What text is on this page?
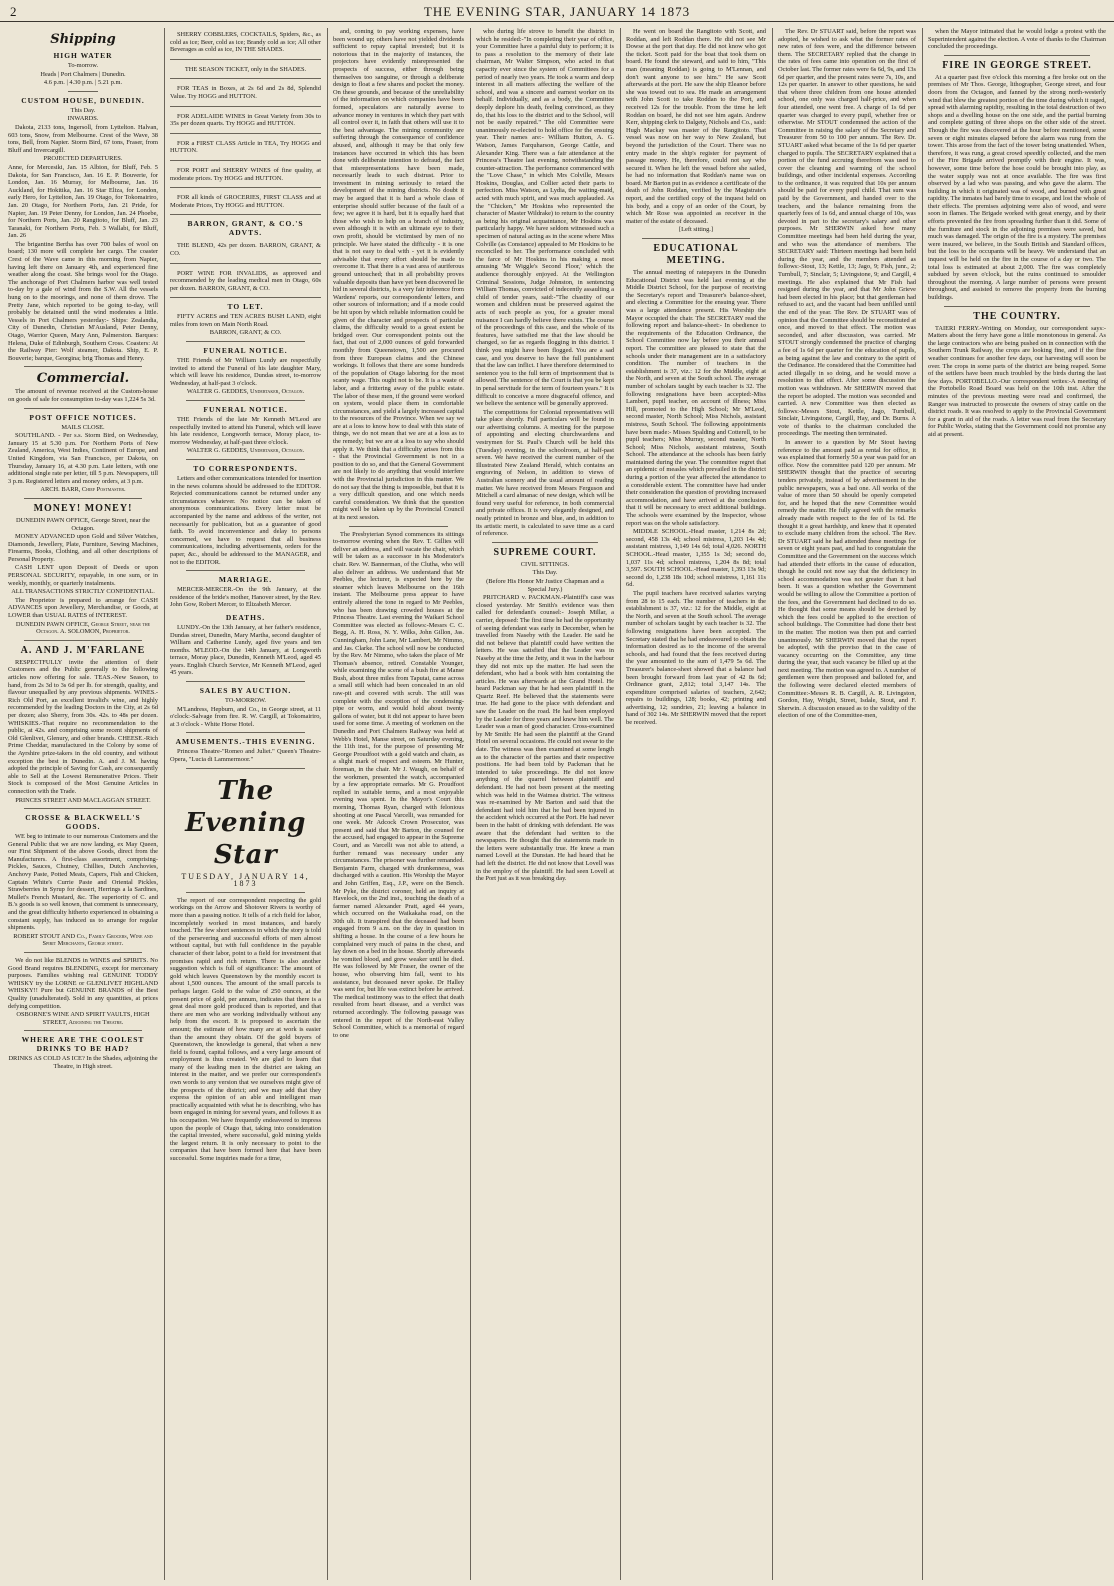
2	THE EVENING STAR, JANUARY 14 1873
Shipping
HIGH WATER

To-morrow.

Heads | Port Chalmers | Dunedin.

4.6 p.m. | 4.30 p.m. | 5.21 p.m.

CUSTOM HOUSE, DUNEDIN.

This Day.

INWARDS.

Dakota, 2133 tons, Ingersoll, from Lyttelton. Halvan, 603 tons, Snow, from Melbourne. Crest of the Wave, 38 tons, Bell, from Napier. Storm Bird, 67 tons, Fraser, from Bluff and Invercargill.

PROJECTED DEPARTURES.

Anne, for Mercesiki, Jan. 15 Albion, for Bluff, Feb. 5 Dakota, for San Francisco, Jan. 16 E. P. Bouverie, for London, Jan. 16 Murray, for Melbourne, Jan. 16 Auckland, for Hokitika, Jan. 16 Star Eliza, for London, early Hero, for Lyttelton, Jan. 19 Otago, for Tokomairiro, Jan. 20 Otago, for Northern Ports, Jan. 21 Pride, for Napier, Jan. 19 Peter Denny, for London, Jan. 24 Phoebe, for Northern Ports, Jan. 20 Rangitoto, for Bluff, Jan. 23 Taranaki, for Northern Ports, Feb. 3 Wallabi, for Bluff, Jan. 26

The brigantine Bertha has over 700 bales of wool on board; 130 more will complete her cargo. The coaster Crest of the Wave came in this morning from Napier, having left there on January 4th, and experienced fine weather along the coast. She brings wool for the Otago. The anchorage of Port Chalmers harbor was well tested to-day by a gale of wind from the S.W. All the vessels hung on to the moorings, and none of them drove. The Pretty Jane, which reported to be going to-day, will probably be detained until the wind moderates a little. Vessels in Port Chalmers yesterday:- Ships: Zealandia, City of Dunedin, Christian M'Ausland, Peter Denny, Otago, Warrior Queen, Mary Ann, Palmerston. Barques: Helena, Duke of Edinburgh, Southern Cross. Coasters: At the Railway Pier: Wolf steamer, Dakota. Ship, E. P. Bouverie; barque, Georgina; brig Thomas and Henry.

Commercial.

The amount of revenue received at the Custom-house on goods of sale for consumption to-day was 1,224 5s 3d.

POST OFFICE NOTICES.

MAILS CLOSE.

SOUTHLAND. - Per s.s. Storm Bird, on Wednesday, January 15 at 5.30 p.m. For Northern Ports of New Zealand, America, West Indies, Continent of Europe, and United Kingdom, via San Francisco, per Dakota, on Thursday, January 16, at 4.30 p.m. Late letters, with one additional single rate per letter, till 5 p.m. Newspapers, till 3 p.m. Registered letters and money orders, at 3 p.m.

ARCH. BARR, Chief Postmaster.

MONEY! MONEY!

DUNEDIN PAWN OFFICE, George Street, near the Octagon.

MONEY ADVANCED upon Gold and Silver Watches, Diamonds, Jewellery, Plate, Furniture, Sewing Machines, Firearms, Books, Clothing, and all other descriptions of Personal Property.

CASH LENT upon Deposit of Deeds or upon PERSONAL SECURITY, repayable, in one sum, or in weekly, monthly, or quarterly instalments.

ALL TRANSACTIONS STRICTLY CONFIDENTIAL.

The Proprietor is prepared to arrange for CASH ADVANCES upon Jewellery, Merchandise, or Goods, at LOWER than USUAL RATES of INTEREST.

DUNEDIN PAWN OFFICE, George Street, near the Octagon. A. SOLOMON, Proprietor.

A. AND J. M'FARLANE

RESPECTFULLY invite the attention of their Customers and the Public generally to the following articles now offering for sale. TEAS.-New Season, to hand, from 2s 3d to 3s 6d per lb. for strength, quality, and flavour unequalled by any previous shipments. WINES.-Rich Old Port, an excellent invalid's wine, and highly recommended by the leading Doctors in the City, at 2s 6d per dozen; also Sherry, from 30s. 42s. to 48s per dozen. WHISKIES.-That require no recommendation to the public, at 42s. and comprising some recent shipments of Old Glenlivet, Glenury, and other brands. CHEESE.-Rich Prime Cheddar, manufactured in the Colony by some of the Ayrshire prize-takers in the old country, and without exception the best in Dunedin. A. and J. M. having adopted the principle of Saving for Cash, are consequently able to Sell at the Lowest Remunerative Prices. Their Stock is composed of the Most Genuine Articles in connection with the Trade.

PRINCES STREET AND MACLAGGAN STREET.

CROSSE & BLACKWELL'S GOODS.

WE beg to intimate to our numerous Customers and the General Public that we are now landing, ex May Queen, our First Shipment of the above Goods, direct from the Manufacturers. A first-class assortment, comprising- Pickles, Sauces, Chutney, Chillies, Dutch Anchovies, Anchovy Paste, Potted Meats, Capers, Fish and Chicken, Captain White's Currie Paste and Oriental Pickles, Strawberries in Syrup for dessert, Herrings a la Sardines, Mullet's French Mustard, &c. The superiority of C. and B.'s goods is so well known, that comment is unnecessary, and the great difficulty hitherto experienced in obtaining a constant supply, has induced us to arrange for regular shipments.

ROBERT STOUT AND Co., Family Grocers, Wine and Spirit Merchants, George street.

We do not like BLENDS in WINES and SPIRITS. No Good Brand requires BLENDING, except for mercenary purposes. Families wishing real GENUINE TODDY WHISKY try the LORNE or GLENLIVET HIGHLAND WHISKY!! Pure but GENUINE BRANDS of the Best Quality (unadulterated). Sold in any quantities, at prices defying competition.

OSBORNE'S WINE AND SPIRIT VAULTS, HIGH STREET, Adjoining the Theatre.

WHERE ARE THE COOLEST DRINKS TO BE HAD?

DRINKS AS COLD AS ICE? In the Shades, adjoining the Theatre, in High street.

SHERRY COBBLERS, COCKTAILS, Spiders, &c., as cold as ice; Beer, cold as ice; Brandy cold as ice; All other Beverages as cold as ice, IN THE SHADES.

THE SEASON TICKET, only in the SHADES.

FOR TEAS in Boxes, at 2s 6d and 2s 8d, Splendid Value. Try HOGG and HUTTON.

FOR ADELAIDE WINES in Great Variety from 30s to 35s per dozen quarts. Try HOGG and HUTTON.

FOR a FIRST CLASS Article in TEA, Try HOGG and HUTTON.

FOR PORT and SHERRY WINES of fine quality, at moderate prices. Try HOGG and HUTTON.

FOR all kinds of GROCERIES, FIRST CLASS and at Moderate Prices, Try HOGG and HUTTON.

BARRON, GRANT, & CO.'S ADVTS.

THE BLEND, 42s per dozen. BARRON, GRANT, & CO.

PORT WINE FOR INVALIDS, as approved and recommended by the leading medical men in Otago, 60s per dozen. BARRON, GRANT, & CO.

TO LET.

FIFTY ACRES and TEN ACRES BUSH LAND, eight miles from town on Main North Road.

BARRON, GRANT, & CO.

FUNERAL NOTICE.

THE Friends of Mr William Lundy are respectfully invited to attend the Funeral of his late daughter Mary, which will leave his residence, Dundas street, to-morrow Wednesday, at half-past 3 o'clock.

WALTER G. GEDDES, Undertaker, Octagon.

FUNERAL NOTICE.

THE Friends of the late Mr Kenneth M'Leod are respectfully invited to attend his Funeral, which will leave his late residence, Longworth terrace, Moray place, to-morrow Wednesday, at half-past three o'clock.

WALTER G. GEDDES, Undertaker, Octagon.

TO CORRESPONDENTS.

Letters and other communications intended for insertion in the news columns should be addressed to the EDITOR. Rejected communications cannot be returned under any circumstances whatever. No notice can be taken of anonymous communications. Every letter must be accompanied by the name and address of the writer, not necessarily for publication, but as a guarantee of good faith. To avoid inconvenience and delay to persons concerned, we have to request that all business communications, including advertisements, orders for the paper, &c., should be addressed to the MANAGER, and not to the EDITOR.

MARRIAGE.

MERCER-MERCER.-On the 9th January, at the residence of the bride's mother, Hanover street, by the Rev. John Gow, Robert Mercer, to Elizabeth Mercer.

DEATHS.

LUNDY.-On the 13th January, at her father's residence, Dundas street, Dunedin, Mary Martha, second daughter of William and Catherine Lundy, aged five years and ten months. M'LEOD.-On the 14th January, at Longworth terrace, Moray place, Dunedin, Kenneth M'Leod, aged 45 years. English Church Service, Mr Kenneth M'Leod, aged 45 years.

SALES BY AUCTION.

TO-MORROW.

M'Landress, Hepburn, and Co., in George street, at 11 o'clock:-Salvage from fire. R. W. Cargill, at Tokomairiro, at 3 o'clock - White Horse Hotel.

AMUSEMENTS.-THIS EVENING.

Princess Theatre-"Romeo and Juliet." Queen's Theatre-Opera, "Lucia di Lammermoor."

The Evening Star
TUESDAY, JANUARY 14, 1873

The report of our correspondent respecting the gold workings on the Arrow and Shotover Rivers is worthy of more than a passing notice. It tells of a rich field for labor, incompletely worked in most instances, and barely touched. The few short sentences in which the story is told of the persevering and successful efforts of men almost without capital, but with full confidence in the payable character of their labor, point to a field for investment that promises rapid and rich return. There is also another suggestion which is full of significance: The amount of gold which leaves Queenstown by the monthly escort is about 1,500 ounces. The amount of the small parcels is perhaps larger. Gold to the value of 250 ounces, at the present price of gold, per annum, indicates that there is a great deal more gold produced than is reported, and that there are men who are working individually without any help from the escort. It is proposed to ascertain the amount; the estimate of how many are at work is easier than the amount they obtain. Of the gold buyers of Queenstown, the knowledge is general, that when a new field is found, capital follows, and a very large amount of employment is thus created. We are glad to learn that many of the leading men in the district are taking an interest in the matter, and we prefer our correspondent's own words to any version that we ourselves might give of the prospects of the district; and we may add that they express the opinion of an able and intelligent man practically acquainted with what he is describing, who has been engaged in mining for several years, and follows it as his occupation. We have frequently endeavored to impress upon the people of Otago that, taking into consideration the capital invested, where successful, gold mining yields the largest return. It is only necessary to point to the companies that have been formed here that have been successful. Some inquiries made for a time,

and, coming to pay working expenses, have been wound up; others have not yielded dividends sufficient to repay capital invested; but it is notorious that in the majority of instances, the projectors have evidently misrepresented the prospects of success, either through being themselves too sanguine, or through a deliberate design to float a few shares and pocket the money. On these grounds, and because of the unreliability of the information on which companies have been formed, speculators are naturally averse to advance money in ventures in which they part with all control over it, in faith that others will use it to the best advantage. The mining community are suffering through the consequence of confidence abused, and, although it may be that only few instances have occurred in which this has been done with deliberate intention to defraud, the fact that misrepresentations have been made, necessarily leads to such distrust. Prior to investment in mining seriously to retard the development of the mining districts. No doubt it may be argued that it is hard a whole class of enterprise should suffer because of the fault of a few; we agree it is hard, but it is equally hard that those who wish to help on a branch of industry, even although it is with an ultimate eye to their own profit, should be victimised by men of no principle. We have stated the difficulty - it is one that is not easy to deal with - yet it is evidently advisable that every effort should be made to overcome it. That there is a vast area of auriferous ground untouched; that in all probability proves valuable deposits than have yet been discovered lie hid in several districts, is a very fair inference from Wardens' reports, our correspondents' letters, and other sources of information; and if a mode could be hit upon by which reliable information could be given of the character and prospects of particular claims, the difficulty would to a great extent be bridged over. Our correspondent points out the fact, that out of 2,000 ounces of gold forwarded monthly from Queenstown, 1,500 are procured from three European claims and the Chinese workings. It follows that there are some hundreds of the population of Otago laboring for the most scanty wage. This ought not to be. It is a waste of labor, and a frittering away of the public estate. The labor of these men, if the ground were worked on system, would place them in comfortable circumstances, and yield a largely increased capital to the resources of the Province. When we say we are at a loss to know how to deal with this state of things, we do not mean that we are at a loss as to the remedy; but we are at a loss to say who should apply it. We think that a difficulty arises from this - that the Provincial Government is not in a position to do so, and that the General Government are not likely to do anything that would interfere with the Provincial jurisdiction in this matter. We do not say that the thing is impossible, but that it is a very difficult question, and one which needs careful consideration. We think that the question might well be taken up by the Provincial Council at its next session.

The Presbyterian Synod commences its sittings to-morrow evening when the Rev. T. Gillies will deliver an address, and will vacate the chair, which will be taken as a successor in his Moderator's chair. Rev. W. Bannerman, of the Clutha, who will also deliver an address. We understand that Mr Peebles, the lecturer, is expected here by the steamer which leaves Melbourne on the 16th instant. The Melbourne press appear to have entirely altered the tone in regard to Mr Peebles, who has been drawing crowded houses at the Princess Theatre. Last evening the Waikari School Committee was elected as follows:-Messrs C. C. Begg, A. H. Ross, N. Y. Wilks, John Gillon, Jas. Cunningham, John Lane, Mr Lambert, Mr Nimmo, and Jas. Clarke. The school will now be conducted by the Rev. Mr Nimmo, who takes the place of Mr Thomas's absence, retired. Constable Younger, while examining the scene of a bush fire at Manse Bush, about three miles from Taputai, came across a small still which had been concealed in an old raw-pit and covered with scrub. The still was complete with the exception of the condensing-pipe or worm, and would hold about twenty gallons of water, but it did not appear to have been used for some time. A meeting of workmen on the Dunedin and Port Chalmers Railway was held at Webb's Hotel, Manse street, on Saturday evening, the 11th inst., for the purpose of presenting Mr George Proudfoot with a gold watch and chain, as a slight mark of respect and esteem. Mr Hunter, foreman, in the chair. Mr J. Waugh, on behalf of the workmen, presented the watch, accompanied by a few appropriate remarks. Mr G. Proudfoot replied in suitable terms, and a most enjoyable evening was spent. In the Mayor's Court this morning, Thomas Ryan, charged with felonious shooting at one Pascal Varcelli, was remanded for one week. Mr Adcock Crown Prosecutor, was present and said that Mr Barton, the counsel for the accused, had engaged to appear in the Supreme Court, and as Varcelli was not able to attend, a further remand was necessary under any circumstances. The prisoner was further remanded. Benjamin Farm, charged with drunkenness, was discharged with a caution. His Worship the Mayor and John Griffen, Esq., J.P., were on the Bench. Mr Pyke, the district coroner, held an inquiry at Havelock, on the 2nd inst., touching the death of a farmer named Alexander Pratt, aged 44 years, which occurred on the Waikakaha road, on the 30th ult. It transpired that the deceased had been engaged from 9 a.m. on the day in question in shifting a house. In the course of a few hours he complained very much of pains in the chest, and lay down on a bed in the house. Shortly afterwards he vomited blood, and grew weaker until he died. He was followed by Mr Fraser, the owner of the house, who observing him fall, went to his assistance, but deceased never spoke. Dr Halley was sent for, but life was extinct before he arrived. The medical testimony was to the effect that death resulted from heart disease, and a verdict was returned accordingly. The following passage was entered in the report of the North-east Valley School Committee, which is a memorial of regard to one

who during life strove to benefit the district in which he resided:-"In completing their year of office, your Committee have a painful duty to perform; it is to pass a resolution to the memory of their late chairman, Mr Walter Simpson, who acted in that capacity ever since the system of Committees for a period of nearly two years. He took a warm and deep interest in all matters affecting the welfare of the school, and was a sincere and earnest worker on its behalf. Individually, and as a body, the Committee deeply deplore his death, feeling convinced, as they do, that his loss to the district and to the School, will not be easily repaired." The old Committee were unanimously re-elected to hold office for the ensuing year. Their names are:- William Hutton, A. G. Watson, James Farquharson, George Cattle, and Alexander King. There was a fair attendance at the Princess's Theatre last evening, notwithstanding the counter-attraction. The performance commenced with the "Love Chase," in which Mrs Colville, Messrs Hoskins, Douglas, and Collier acted their parts to perfection. Miss Watson, as Lydia, the waiting-maid, acted with much spirit, and was much applauded. As the "Chicken," Mr Hoskins who represented the character of Master Wildrake) to return to the country as being his original acquaintance, Mr Hoskins was particularly happy. We have seldom witnessed such a specimen of natural acting as in the scene where Miss Colville (as Constance) appealed to Mr Hoskins to be reconciled to her. The performance concluded with the farce of Mr Hoskins in his making a most amusing 'Mr Wiggle's Second Floor,' which the audience thoroughly enjoyed. At the Wellington Criminal Sessions, Judge Johnston, in sentencing William Thomas, convicted of indecently assaulting a child of tender years, said:-"The chastity of our women and children must be preserved against the acts of such people as you, for a greater moral nuisance I can hardly believe there exists. The course of the proceedings of this case, and the whole of its features, have satisfied me that the law should be changed, so far as regards flogging in this district. I think you might have been flogged. You are a sad case, and you deserve to have the full punishment that the law can inflict. I have therefore determined to sentence you to the full term of imprisonment that is allowed. The sentence of the Court is that you be kept in penal servitude for the term of fourteen years." It is difficult to conceive a more disgraceful offence, and we believe the sentence will be generally approved.

The competitions for Colonial representatives will take place shortly. Full particulars will be found in our advertising columns. A meeting for the purpose of appointing and electing churchwardens and vestrymen for St. Paul's Church will be held this (Tuesday) evening, in the schoolroom, at half-past seven. We have received the current number of the Illustrated New Zealand Herald, which contains an engraving of Nelson, in addition to views of Australian scenery and the usual amount of reading matter. We have received from Messrs Ferguson and Mitchell a card almanac of new design, which will be found very useful for reference, in both commercial and private offices. It is very elegantly designed, and neatly printed in bronze and blue, and, in addition to its artistic merit, is calculated to save time as a card of reference.

SUPREME COURT.

CIVIL SITTINGS.

This Day.

(Before His Honor Mr Justice Chapman and a Special Jury.)

PRITCHARD v. PACKMAN.-Plaintiff's case was closed yesterday. Mr Smith's evidence was then called for defendant's counsel:- Joseph Millar, a carrier, deposed: The first time he had the opportunity of seeing defendant was early in December, when he travelled from Naseby with the Leader. He said he did not believe that plaintiff could have written the letters. He was satisfied that the Leader was in Naseby at the time the Jetty, and it was in the harbour they did not mix up the matter. He had seen the defendant, who had a book with him containing the articles. He was afterwards at the Grand Hotel. He heard Packman say that he had seen plaintiff in the Quartz Reef. He believed that the statements were true. He had gone to the place with defendant and saw the Leader on the road. He had been employed by the Leader for three years and knew him well. The Leader was a man of good character. Cross-examined by Mr Smith: He had seen the plaintiff at the Grand Hotel on several occasions. He could not swear to the date. The witness was then examined at some length as to the character of the parties and their respective positions. He had been told by Packman that he intended to take proceedings. He did not know anything of the quarrel between plaintiff and defendant. He had not been present at the meeting which was held in the Waimea district. The witness was re-examined by Mr Barton and said that the defendant had told him that he had been injured in the accident which occurred at the Port. He had never been in the habit of drinking with defendant. He was aware that the defendant had written to the newspapers. He thought that the statements made in the letters were substantially true. He knew a man named Lovell at the Dunstan. He had heard that he had left the district. He did not know that Lovell was in the employ of the plaintiff. He had seen Lovell at the Port just as it was breaking day.

He went on board the Rangitoto with Scott, and Roddan, and left Roddan there. He did not see Mr Dowse at the port that day. He did not know who got the ticket. Scott paid for the boat that took them on board. He found the steward, and said to him, "This man (meaning Roddan) is going to M'Lennan, and don't want anyone to see him." He saw Scott afterwards at the port. He saw the ship Eleanor before she was towed out to sea. He made an arrangement with John Scott to take Roddan to the Port, and received 12s for the trouble. From the time he left Roddan on board, he did not see him again. Andrew Kerr, shipping clerk to Dalgety, Nichols and Co., said: Hugh Mackay was master of the Rangitoto. That vessel was now on her way to New Zealand, but beyond the jurisdiction of the Court. There was no entry made in the ship's register for payment of passage money. He, therefore, could not say who secured it. When he left the vessel before she sailed, he had no information that Roddan's name was on board. Mr Barton put in as evidence a certificate of the death of John Roddan, verified by the Magistrate's report, and the certified copy of the inquest held on his body, and a copy of an order of the Court, by which Mr Rose was appointed as receiver in the matter of the estate of deceased.

[Left sitting.]

EDUCATIONAL MEETING.

The annual meeting of ratepayers in the Dunedin Educational District was held last evening at the Middle District School, for the purpose of receiving the Secretary's report and Treasurer's balance-sheet, and electing a Committee for the ensuing year. There was a large attendance present. His Worship the Mayor occupied the chair. The SECRETARY read the following report and balance-sheet:- In obedience to the requirements of the Education Ordinance, the School Committee now lay before you their annual report. The committee are pleased to state that the schools under their management are in a satisfactory condition. The number of teachers in the establishment is 37, viz.: 12 for the Middle, eight at the North, and seven at the South school. The average number of scholars taught by each teacher is 32. The following resignations have been accepted:-Miss Lambert, pupil teacher, on account of illness; Miss Hill, promoted to the High School; Mr M'Leod, second master, North School; Miss Nichols, assistant mistress, South School. The following appointments have been made:- Misses Spalding and Cotterell, to be pupil teachers; Miss Murray, second master, North School; Miss Nichols, assistant mistress, South School. The attendance at the schools has been fairly maintained during the year. The committee regret that an epidemic of measles which prevailed in the district during a portion of the year affected the attendance to a considerable extent. The committee have had under their consideration the question of providing increased accommodation, and have arrived at the conclusion that it will be necessary to erect additional buildings. The schools were examined by the Inspector, whose report was on the whole satisfactory.

MIDDLE SCHOOL.-Head master, 1,214 8s 2d; second, 458 13s 4d; school mistress, 1,203 14s 4d; assistant mistress, 1,149 14s 6d; total 4,026. NORTH SCHOOL.-Head master, 1,355 1s 3d; second do, 1,037 11s 4d; school mistress, 1,204 8s 8d; total 3,597. SOUTH SCHOOL.-Head master, 1,393 13s 9d; second do, 1,238 18s 10d; school mistress, 1,161 11s 6d.

The pupil teachers have received salaries varying from 28 to 15 each. The number of teachers in the establishment is 37, viz.: 12 for the Middle, eight at the North, and seven at the South school. The average number of scholars taught by each teacher is 32. The following resignations have been accepted. The Secretary stated that he had endeavoured to obtain the information desired as to the income of the several schools, and had found that the fees received during the year amounted to the sum of 1,479 5s 6d. The Treasurer's balance-sheet showed that a balance had been brought forward from last year of 42 8s 6d; Ordinance grant, 2,812; total 3,147 14s. The expenditure comprised salaries of teachers, 2,642; repairs to buildings, 128; books, 42; printing and advertising, 12; sundries, 21; leaving a balance in hand of 302 14s. Mr SHERWIN moved that the report be received.

The Rev. Dr STUART said, before the report was adopted, he wished to ask what the former rates of new rates of fees were, and the difference between them. The SECRETARY replied that the change in the rates of fees came into operation on the first of October last. The former rates were 6s 6d, 9s, and 13s 6d per quarter, and the present rates were 7s, 10s, and 12s per quarter. In answer to other questions, he said that where three children from one house attended school, one only was charged half-price, and when four attended, one went free. A charge of 1s 6d per quarter was charged to every pupil, whether free or otherwise. Mr STOUT condemned the action of the Committee in raising the salary of the Secretary and Treasurer from 50 to 100 per annum. The Rev. Dr. STUART asked what became of the 1s 6d per quarter charged to pupils. The SECRETARY explained that a portion of the fund accruing therefrom was used to cover the cleaning and warming of the school buildings, and other incidental expenses. According to the ordinance, it was required that 10s per annum should be paid for every pupil child. That sum was paid by the Government, and handed over to the teachers, and the balance remaining from the quarterly fees of 1s 6d, and annual charge of 10s, was devoted in part to the secretary's salary and other purposes. Mr SHERWIN asked how many Committee meetings had been held during the year, and who was the attendance of members. The SECRETARY said: Thirteen meetings had been held during the year, and the members attended as follows:-Stout, 13; Kettle, 13; Jago, 9; Fish, junr., 2; Turnbull, 7; Sinclair, 5; Livingstone, 9; and Cargill, 4 meetings. He also explained that Mr Fish had resigned during the year, and that Mr John Grieve had been elected in his place; but that gentleman had refused to act, and the vacant had been unfilled until the end of the year. The Rev. Dr STUART was of opinion that the Committee should be reconstituted at once, and moved to that effect. The motion was seconded, and after discussion, was carried. Mr STOUT strongly condemned the practice of charging a fee of 1s 6d per quarter for the education of pupils, as being against the law and contrary to the spirit of the Ordinance. He considered that the Committee had acted illegally in so doing, and he would move a resolution to that effect. After some discussion the motion was withdrawn. Mr SHERWIN moved that the report be adopted. The motion was seconded and carried. A new Committee was then elected as follows:-Messrs Stout, Kettle, Jago, Turnbull, Sinclair, Livingstone, Cargill, Hay, and Dr. Burns. A vote of thanks to the chairman concluded the proceedings. The meeting then terminated.

In answer to a question by Mr Stout having reference to the amount paid as rental for office, it was explained that formerly 50 a year was paid for an office. Now the committee paid 120 per annum. Mr SHERWIN thought that the practice of securing tenders privately, instead of by advertisement in the public newspapers, was a bad one. All works of the value of more than 50 should be openly competed for, and he hoped that the new Committee would remedy the matter. He fully agreed with the remarks already made with respect to the fee of 1s 6d. He thought it a great hardship, and knew that it operated to exclude many children from the school. The Rev. Dr STUART said he had attended these meetings for seven or eight years past, and had to congratulate the Committee and the Government on the success which had attended their efforts in the cause of education, though he could not now say that the deficiency in school accommodation was not greater than it had been. It was a question whether the Government would be willing to allow the Committee a portion of the fees, and the Government had declined to do so. He thought that some means should be devised by which the fees could be applied to the erection of school buildings. The Committee had done their best in the matter. The motion was then put and carried unanimously. Mr SHERWIN moved that the report be adopted, with the proviso that in the case of vacancy occurring on the Committee, any time during the year, that such vacancy be filled up at the next meeting. The motion was agreed to. A number of gentlemen were then proposed and balloted for, and the following were declared elected members of Committee:-Messrs R. B. Cargill, A. R. Livingston, Gordon, Hay, Wright, Street, Isdale, Stout, and F. Sherwin. A discussion ensued as to the validity of the election of one of the Committee-men,

when the Mayor intimated that he would lodge a protest with the Superintendent against the election. A vote of thanks to the Chairman concluded the proceedings.

FIRE IN GEORGE STREET.

At a quarter past five o'clock this morning a fire broke out on the premises of Mr Thos. George, lithographer, George street, and four doors from the Octagon, and fanned by the strong north-westerly wind that blew the greatest portion of the time during which it raged, spread with alarming rapidity, resulting in the total destruction of two shops and a dwelling house on the one side, and the partial burning and complete gutting of three shops on the other side of the street. Though the fire was discovered at the hour before mentioned, some seven or eight minutes elapsed before the alarm was rung from the tower. This arose from the fact of the tower being unattended. When, therefore, it was rung, a great crowd speedily collected, and the men of the Fire Brigade arrived promptly with their engine. It was, however, some time before the hose could be brought into play, as the water supply was not at once available. The fire was first observed by a lad who was passing, and who gave the alarm. The building in which it originated was of wood, and burned with great rapidity. The inmates had barely time to escape, and lost the whole of their effects. The premises adjoining were also of wood, and were soon in flames. The Brigade worked with great energy, and by their efforts prevented the fire from spreading further than it did. Some of the furniture and stock in the adjoining premises were saved, but much was damaged. The origin of the fire is a mystery. The premises were insured, we believe, in the South British and Standard offices, but the loss to the occupants will be heavy. We understand that an inquest will be held on the fire in the course of a day or two. The total loss is estimated at about 2,000. The fire was completely subdued by seven o'clock, but the ruins continued to smoulder throughout the morning. A large number of persons were present throughout, and assisted to remove the property from the burning buildings.

THE COUNTRY.

TAIERI FERRY.-Writing on Monday, our correspondent says:-Matters about the ferry have gone a little monotonous in general. As the large contractors who are being pushed on in connection with the Southern Trunk Railway, the crops are looking fine, and if the fine weather continues for another few days, our harvesting will soon be over. The crops in some parts of the district are being reaped. Some of the settlers have been much troubled by the birds during the last few days. PORTOBELLO.-Our correspondent writes:-A meeting of the Portobello Road Board was held on the 10th inst. After the minutes of the previous meeting were read and confirmed, the Ranger was instructed to prosecute the owners of stray cattle on the district roads. It was resolved to apply to the Provincial Government for a grant in aid of the roads. A letter was read from the Secretary for Public Works, stating that the Government could not promise any aid at present.
